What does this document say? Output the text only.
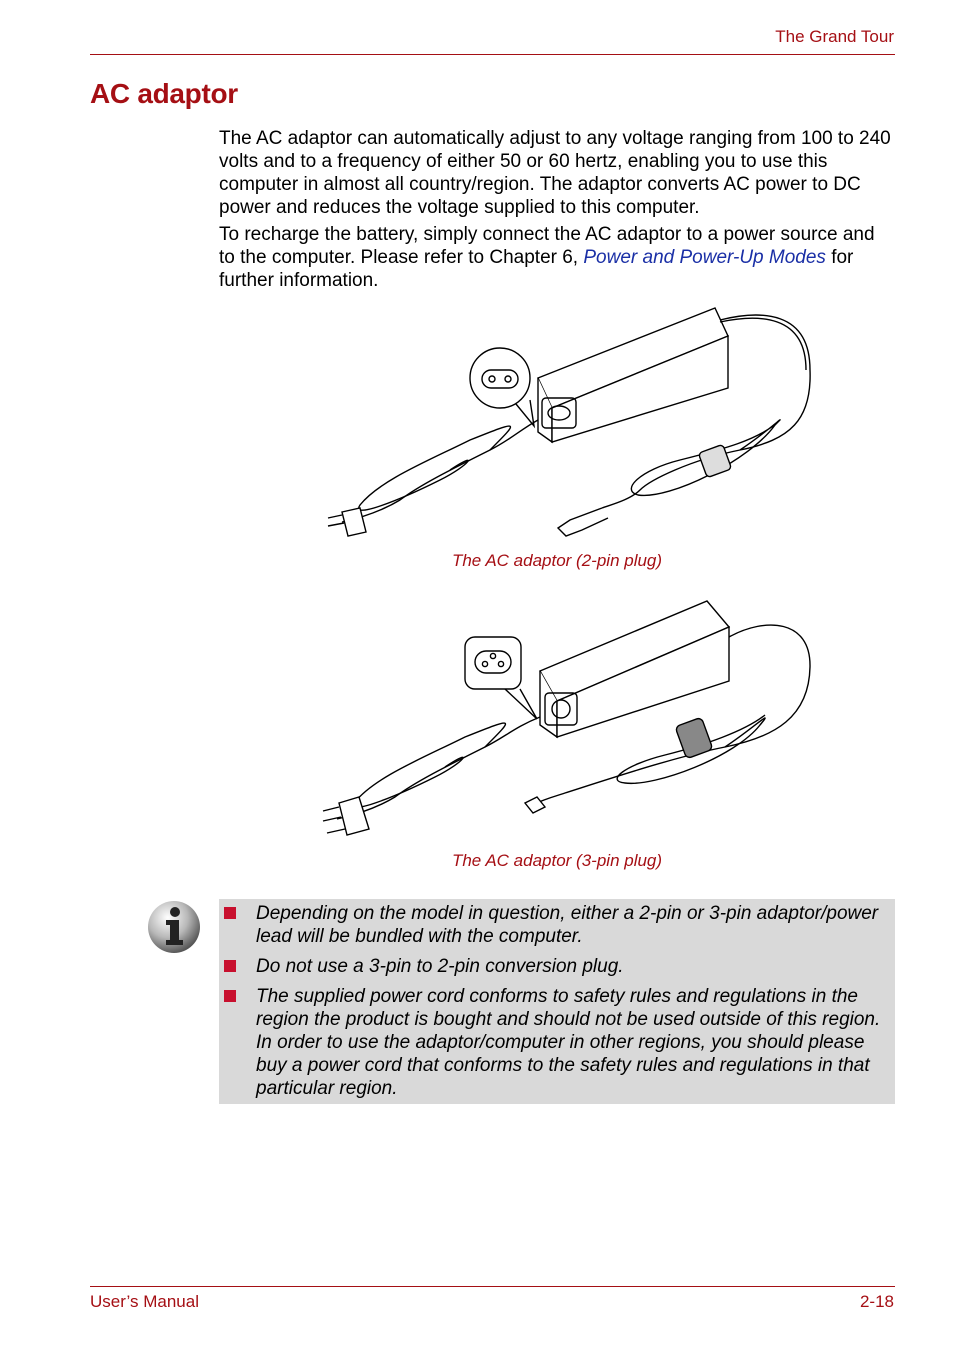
The Grand Tour
AC adaptor

The AC adaptor can automatically adjust to any voltage ranging from 100 to 240 volts and to a frequency of either 50 or 60 hertz, enabling you to use this computer in almost all country/region. The adaptor converts AC power to DC power and reduces the voltage supplied to this computer.

To recharge the battery, simply connect the AC adaptor to a power source and to the computer. Please refer to Chapter 6, Power and Power-Up Modes for further information.

The AC adaptor (2-pin plug)
The AC adaptor (3-pin plug)
Depending on the model in question, either a 2-pin or 3-pin adaptor/power lead will be bundled with the computer.
Do not use a 3-pin to 2-pin conversion plug.
The supplied power cord conforms to safety rules and regulations in the region the product is bought and should not be used outside of this region. In order to use the adaptor/computer in other regions, you should please buy a power cord that conforms to the safety rules and regulations in that particular region.
User’s Manual	2-18
